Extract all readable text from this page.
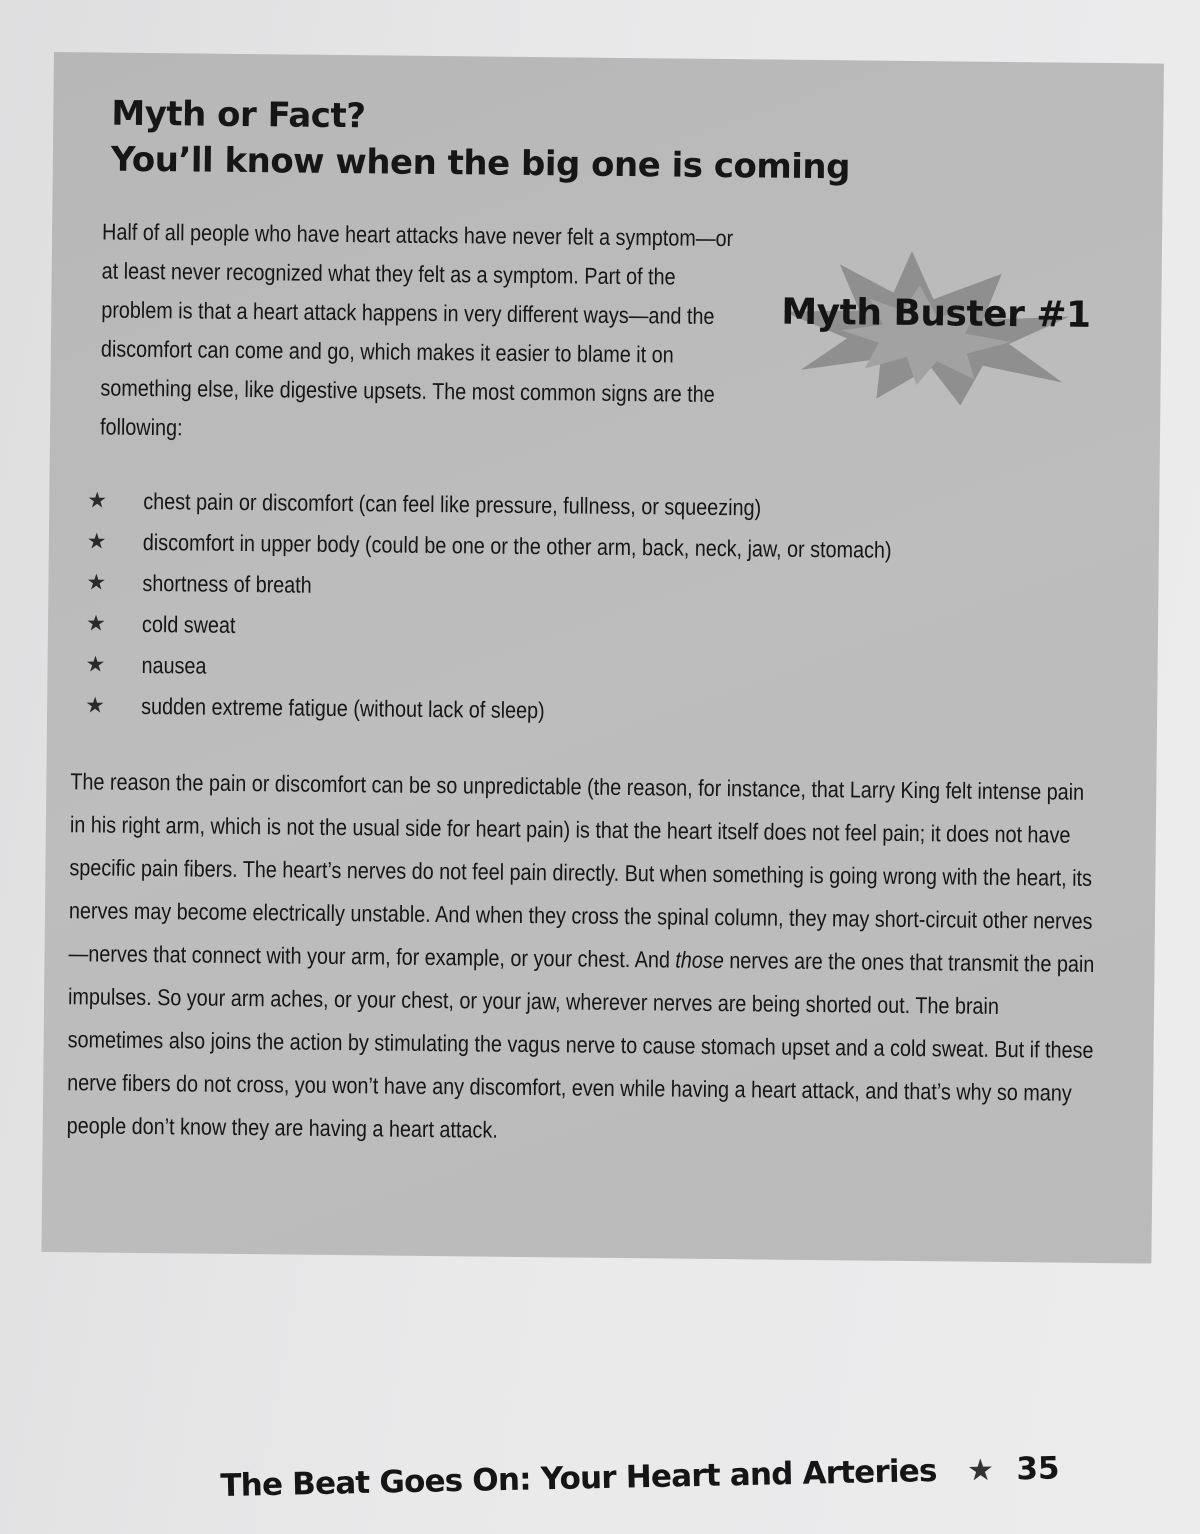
Myth or Fact?
You’ll know when the big one is coming

Half of all people who have heart attacks have never felt a symptom—or at least never recognized what they felt as a symptom. Part of the problem is that a heart attack happens in very different ways—and the discomfort can come and go, which makes it easier to blame it on something else, like digestive upsets. The most common signs are the following:

Myth Buster #1
★ chest pain or discomfort (can feel like pressure, fullness, or squeezing)
★ discomfort in upper body (could be one or the other arm, back, neck, jaw, or stomach)
★ shortness of breath
★ cold sweat
★ nausea
★ sudden extreme fatigue (without lack of sleep)

The reason the pain or discomfort can be so unpredictable (the reason, for instance, that Larry King felt intense pain in his right arm, which is not the usual side for heart pain) is that the heart itself does not feel pain; it does not have specific pain fibers. The heart’s nerves do not feel pain directly. But when something is going wrong with the heart, its nerves may become electrically unstable. And when they cross the spinal column, they may short-circuit other nerves—nerves that connect with your arm, for example, or your chest. And those nerves are the ones that transmit the pain impulses. So your arm aches, or your chest, or your jaw, wherever nerves are being shorted out. The brain sometimes also joins the action by stimulating the vagus nerve to cause stomach upset and a cold sweat. But if these nerve fibers do not cross, you won’t have any discomfort, even while having a heart attack, and that’s why so many people don’t know they are having a heart attack.

The Beat Goes On: Your Heart and Arteries ★ 35
